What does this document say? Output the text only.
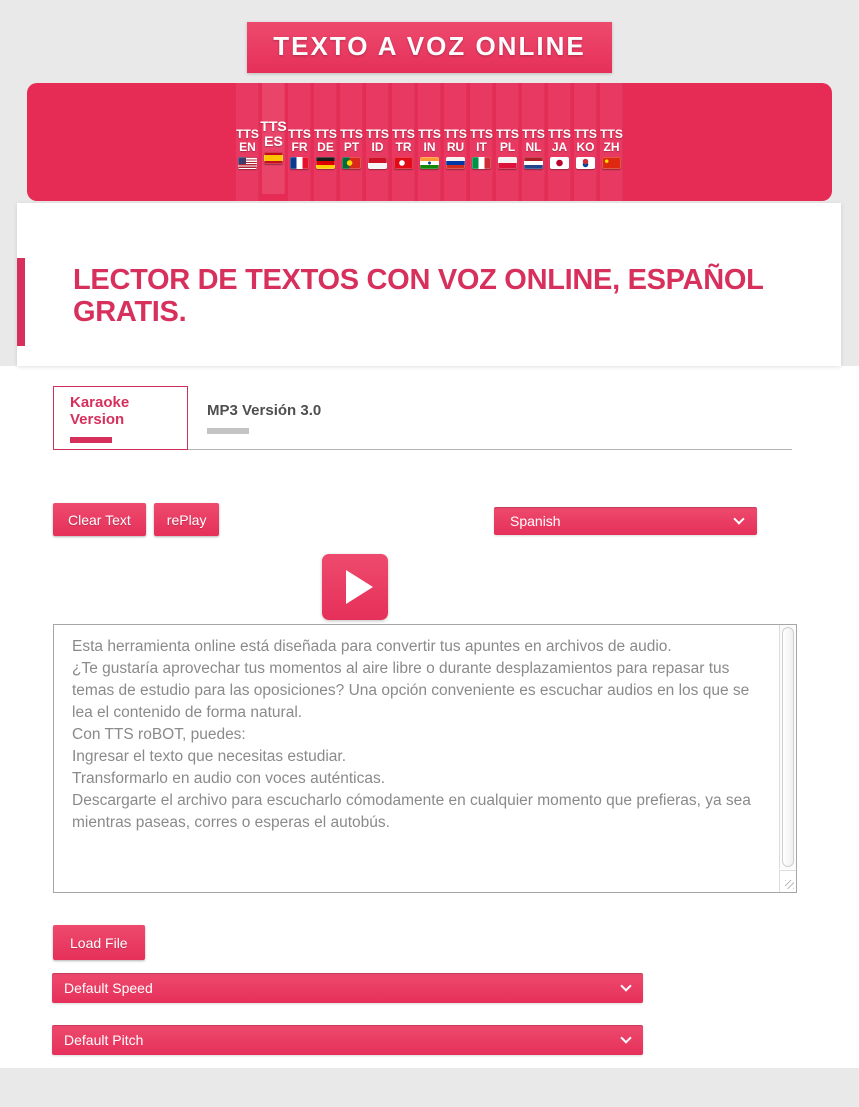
TEXTO A VOZ ONLINE
TTS
EN
TTS
ES TTS
FR
TTS
DE
TTS
PT
TTS
ID
TTS
TR
TTS
IN
TTS
RU
TTS
IT
TTS
PL
TTS
NL
TTS
JA
TTS
KO
TTS
ZH
LECTOR DE TEXTOS CON VOZ ONLINE, ESPAÑOL GRATIS.
Karaoke Version	MP3 Versión 3.0
Clear Text	rePlay	Spanish
Esta herramienta online está diseñada para convertir tus apuntes en archivos de audio. ¿Te gustaría aprovechar tus momentos al aire libre o durante desplazamientos para repasar tus temas de estudio para las oposiciones? Una opción conveniente es escuchar audios en los que se lea el contenido de forma natural. Con TTS roBOT, puedes: Ingresar el texto que necesitas estudiar. Transformarlo en audio con voces auténticas. Descargarte el archivo para escucharlo cómodamente en cualquier momento que prefieras, ya sea mientras paseas, corres o esperas el autobús.
Load File
Default Speed
Default Pitch
